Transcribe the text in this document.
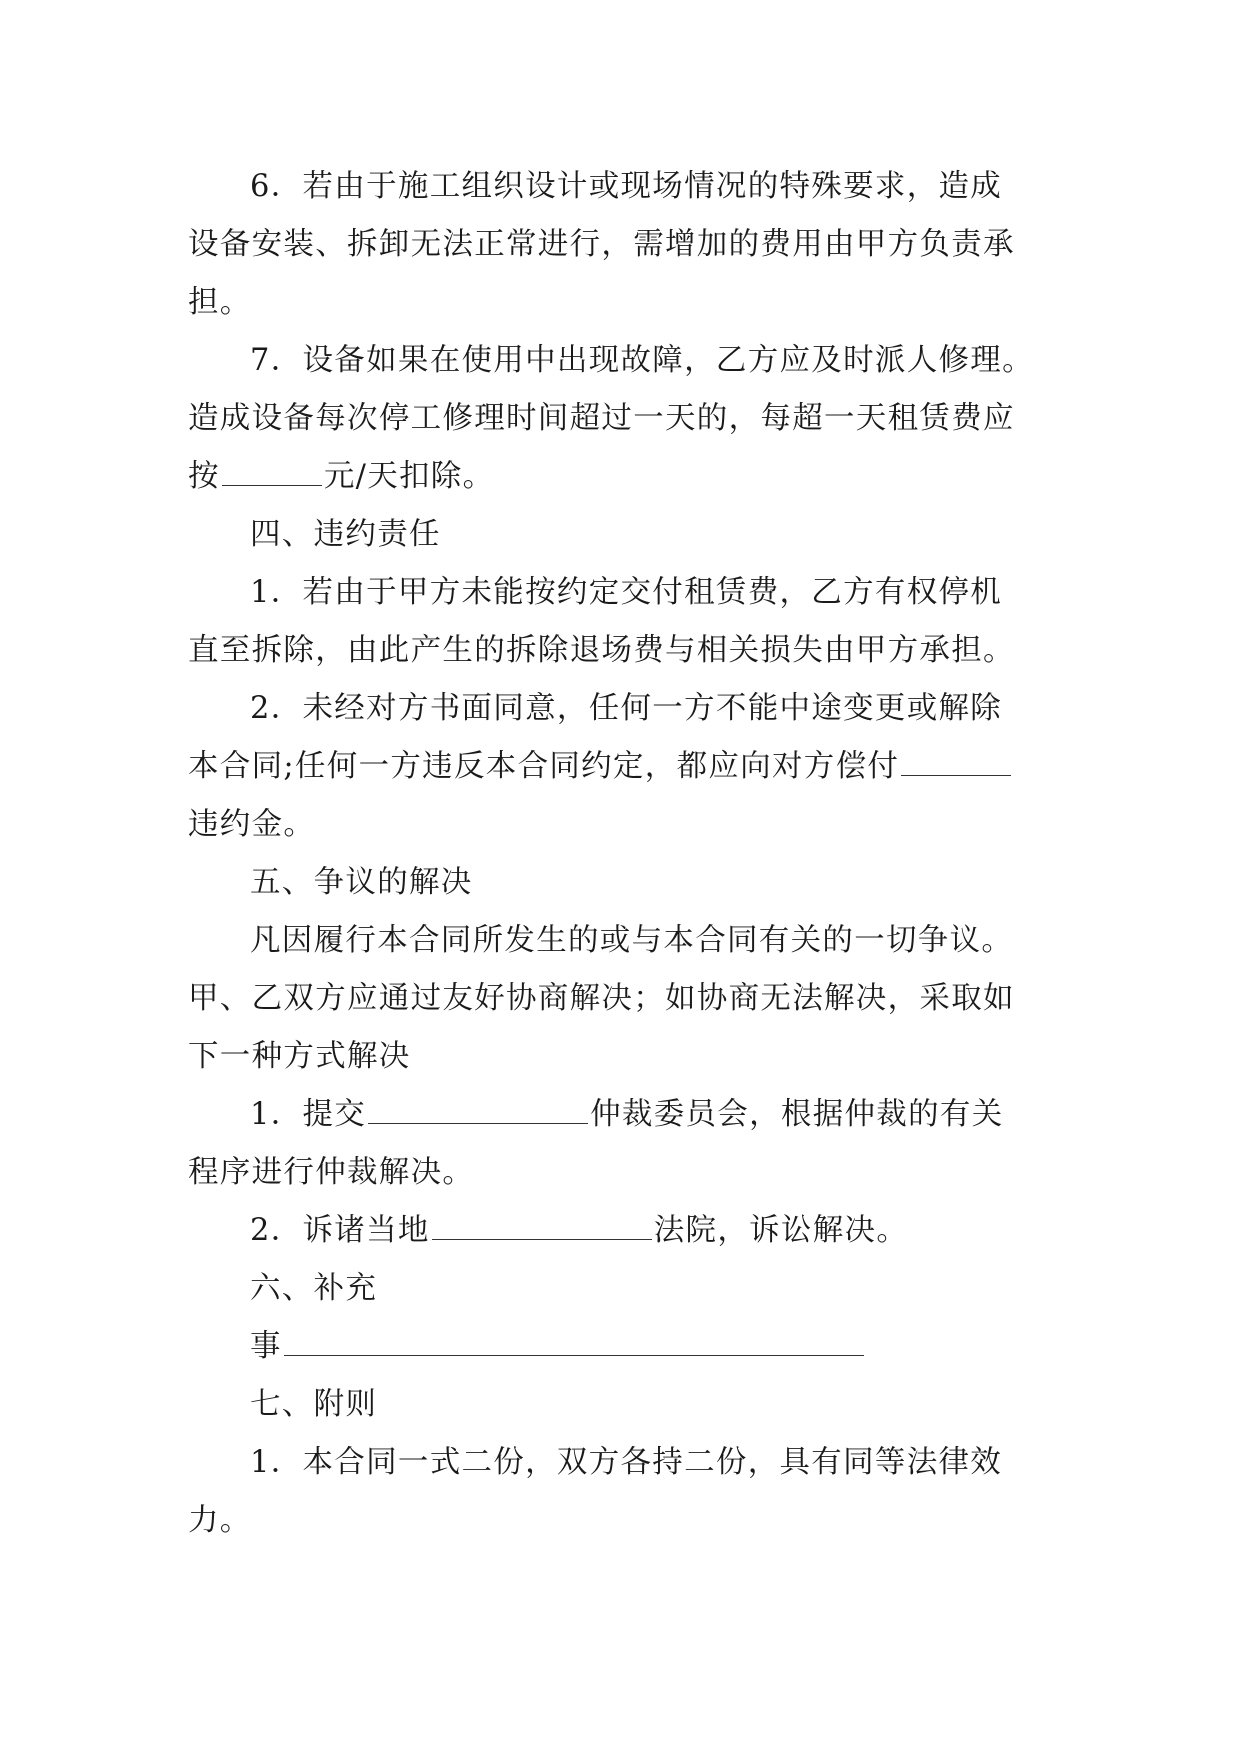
6．若由于施工组织设计或现场情况的特殊要求，造成
设备安装、拆卸无法正常进行，需增加的费用由甲方负责承
担。
7．设备如果在使用中出现故障，乙方应及时派人修理。
造成设备每次停工修理时间超过一天的，每超一天租赁费应
按	元/天扣除。
四、违约责任
1．若由于甲方未能按约定交付租赁费，乙方有权停机
直至拆除，由此产生的拆除退场费与相关损失由甲方承担。
2．未经对方书面同意，任何一方不能中途变更或解除
本合同;任何一方违反本合同约定，都应向对方偿付
违约金。
五、争议的解决
凡因履行本合同所发生的或与本合同有关的一切争议。
甲、乙双方应通过友好协商解决；如协商无法解决，采取如
下一种方式解决
1．提交	仲裁委员会，根据仲裁的有关
程序进行仲裁解决。
2．诉诸当地	法院，诉讼解决。
六、补充
事
七、附则
1．本合同一式二份，双方各持二份，具有同等法律效
力。
